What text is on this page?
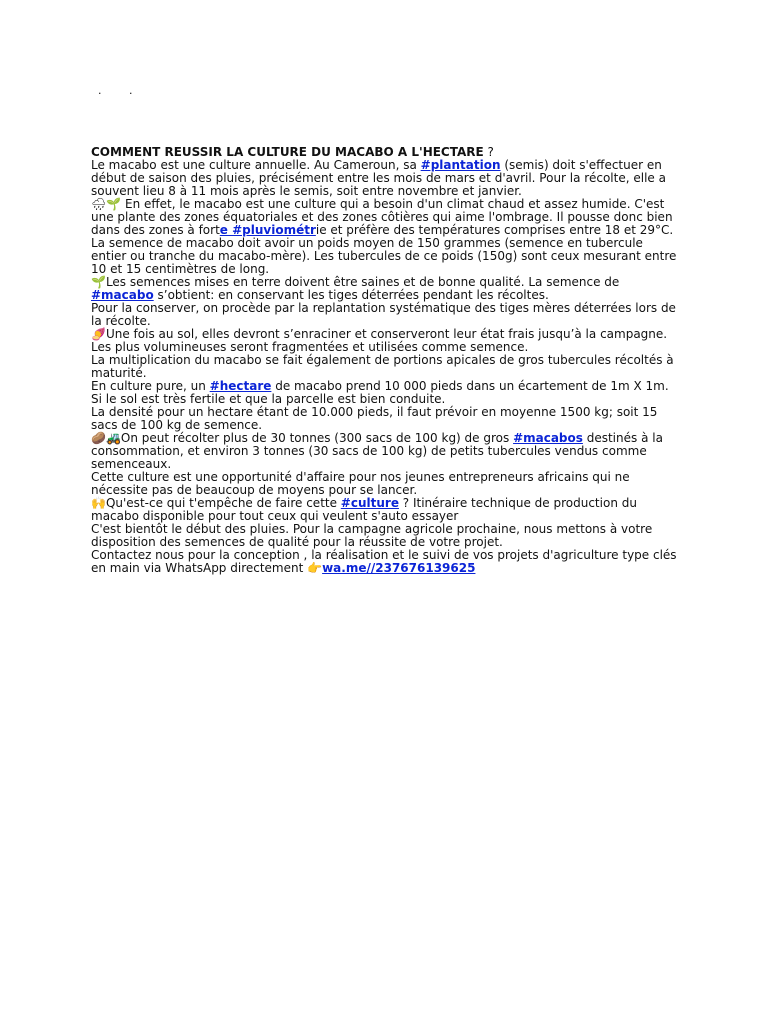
. .

COMMENT REUSSIR LA CULTURE DU MACABO A L'HECTARE ?
Le macabo est une culture annuelle. Au Cameroun, sa #plantation (semis) doit s'effectuer en début de saison des pluies, précisément entre les mois de mars et d'avril. Pour la récolte, elle a souvent lieu 8 à 11 mois après le semis, soit entre novembre et janvier.

🌧🌱 En effet, le macabo est une culture qui a besoin d'un climat chaud et assez humide. C'est une plante des zones équatoriales et des zones côtières qui aime l'ombrage. Il pousse donc bien dans des zones à forte #pluviométrie et préfère des températures comprises entre 18 et 29°C.
La semence de macabo doit avoir un poids moyen de 150 grammes (semence en tubercule entier ou tranche du macabo-mère). Les tubercules de ce poids (150g) sont ceux mesurant entre 10 et 15 centimètres de long.

🌱Les semences mises en terre doivent être saines et de bonne qualité. La semence de #macabo s’obtient: en conservant les tiges déterrées pendant les récoltes.
Pour la conserver, on procède par la replantation systématique des tiges mères déterrées lors de la récolte.

🍠Une fois au sol, elles devront s’enraciner et conserveront leur état frais jusqu’à la campagne. Les plus volumineuses seront fragmentées et utilisées comme semence.
La multiplication du macabo se fait également de portions apicales de gros tubercules récoltés à maturité.
En culture pure, un #hectare de macabo prend 10 000 pieds dans un écartement de 1m X 1m. Si le sol est très fertile et que la parcelle est bien conduite.
La densité pour un hectare étant de 10.000 pieds, il faut prévoir en moyenne 1500 kg; soit 15 sacs de 100 kg de semence.

🥔🚜On peut récolter plus de 30 tonnes (300 sacs de 100 kg) de gros #macabos destinés à la consommation, et environ 3 tonnes (30 sacs de 100 kg) de petits tubercules vendus comme semenceaux.
Cette culture est une opportunité d'affaire pour nos jeunes entrepreneurs africains qui ne nécessite pas de beaucoup de moyens pour se lancer.

🙌Qu'est-ce qui t'empêche de faire cette #culture ? Itinéraire technique de production du macabo disponible pour tout ceux qui veulent s'auto essayer
C'est bientôt le début des pluies. Pour la campagne agricole prochaine, nous mettons à votre disposition des semences de qualité pour la réussite de votre projet.
Contactez nous pour la conception , la réalisation et le suivi de vos projets d'agriculture type clés en main via WhatsApp directement 👉wa.me//237676139625
